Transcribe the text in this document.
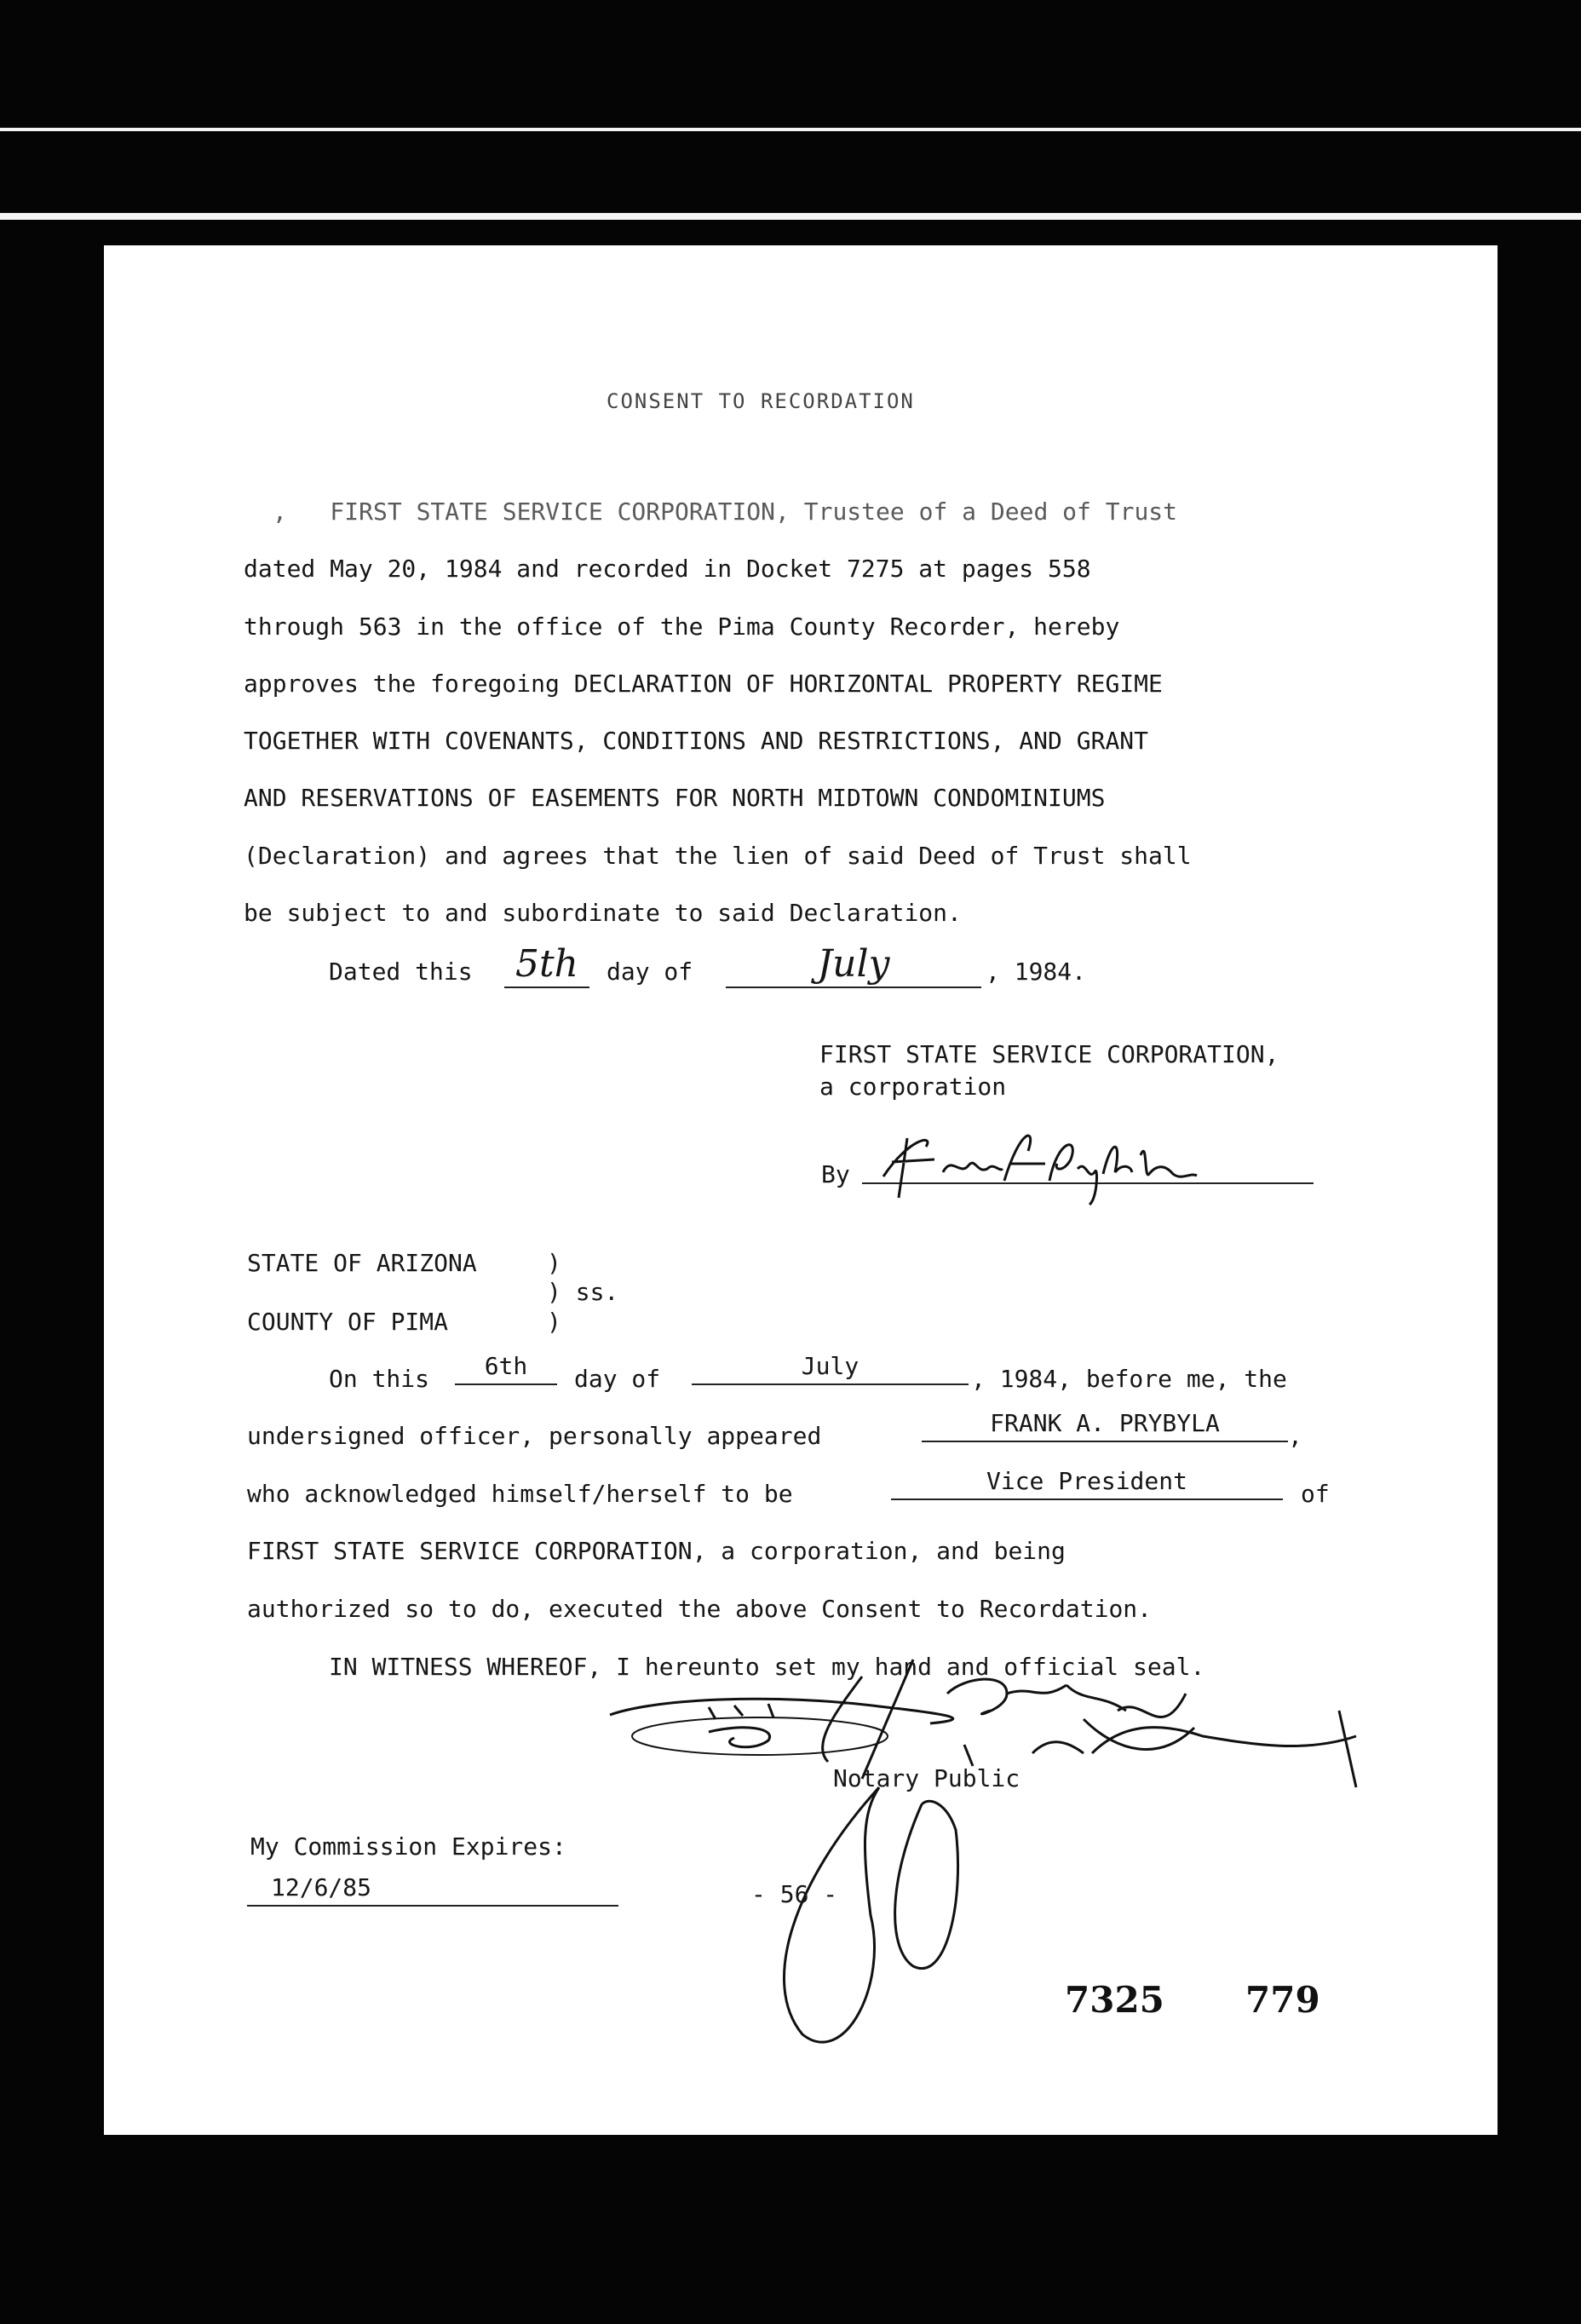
CONSENT TO RECORDATION
,   FIRST STATE SERVICE CORPORATION, Trustee of a Deed of Trust
dated May 20, 1984 and recorded in Docket 7275 at pages 558
through 563 in the office of the Pima County Recorder, hereby
approves the foregoing DECLARATION OF HORIZONTAL PROPERTY REGIME
TOGETHER WITH COVENANTS, CONDITIONS AND RESTRICTIONS, AND GRANT
AND RESERVATIONS OF EASEMENTS FOR NORTH MIDTOWN CONDOMINIUMS
(Declaration) and agrees that the lien of said Deed of Trust shall
be subject to and subordinate to said Declaration.
Dated this 5th	day of	July	, 1984.
FIRST STATE SERVICE CORPORATION,
a corporation
By
STATE OF ARIZONA	)
) ss.
COUNTY OF PIMA	)
On this	6th	day of	July	, 1984, before me, the
undersigned officer, personally appeared	FRANK A. PRYBYLA	,
who acknowledged himself/herself to be	Vice President	of
FIRST STATE SERVICE CORPORATION, a corporation, and being
authorized so to do, executed the above Consent to Recordation.
IN WITNESS WHEREOF, I hereunto set my hand and official seal.
Notary Public
My Commission Expires:
12/6/85	- 56 -
7325 779
